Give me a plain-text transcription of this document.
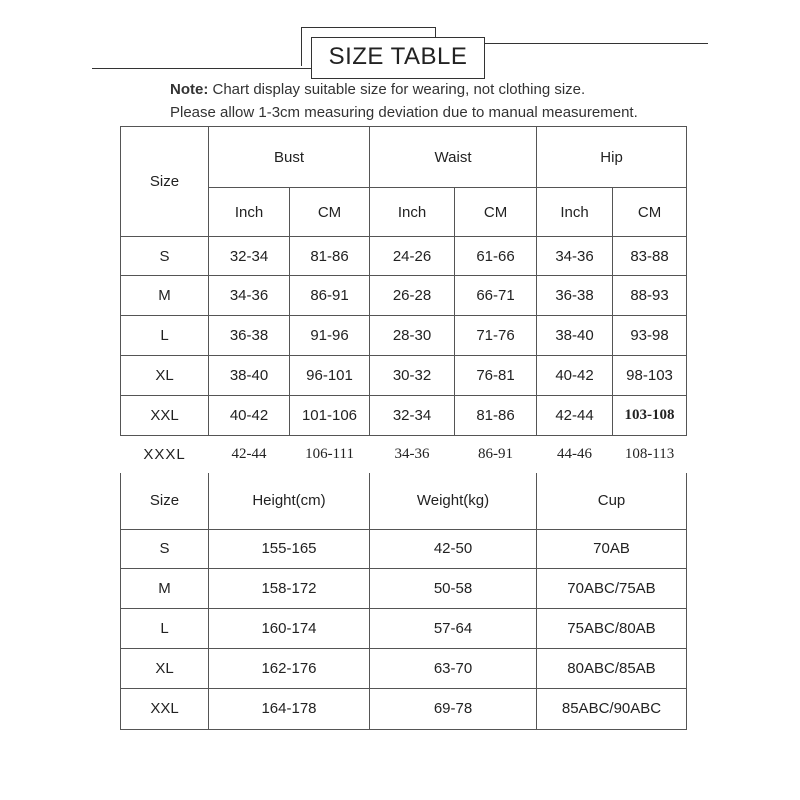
SIZE TABLE
Note: Chart display suitable size for wearing, not clothing size.
Please allow 1-3cm measuring deviation due to manual measurement.
Size	Bust		Waist		Hip	
	Inch	CM	Inch	CM	Inch	CM
S	32-34	81-86	24-26	61-66	34-36	83-88
M	34-36	86-91	26-28	66-71	36-38	88-93
L	36-38	91-96	28-30	71-76	38-40	93-98
XL	38-40	96-101	30-32	76-81	40-42	98-103
XXL	40-42	101-106	32-34	81-86	42-44	103-108
XXXL	42-44	106-111	34-36	86-91	44-46	108-113
Size	Height(cm)	Weight(kg)	Cup
S	155-165	42-50	70AB
M	158-172	50-58	70ABC/75AB
L	160-174	57-64	75ABC/80AB
XL	162-176	63-70	80ABC/85AB
XXL	164-178	69-78	85ABC/90ABC
